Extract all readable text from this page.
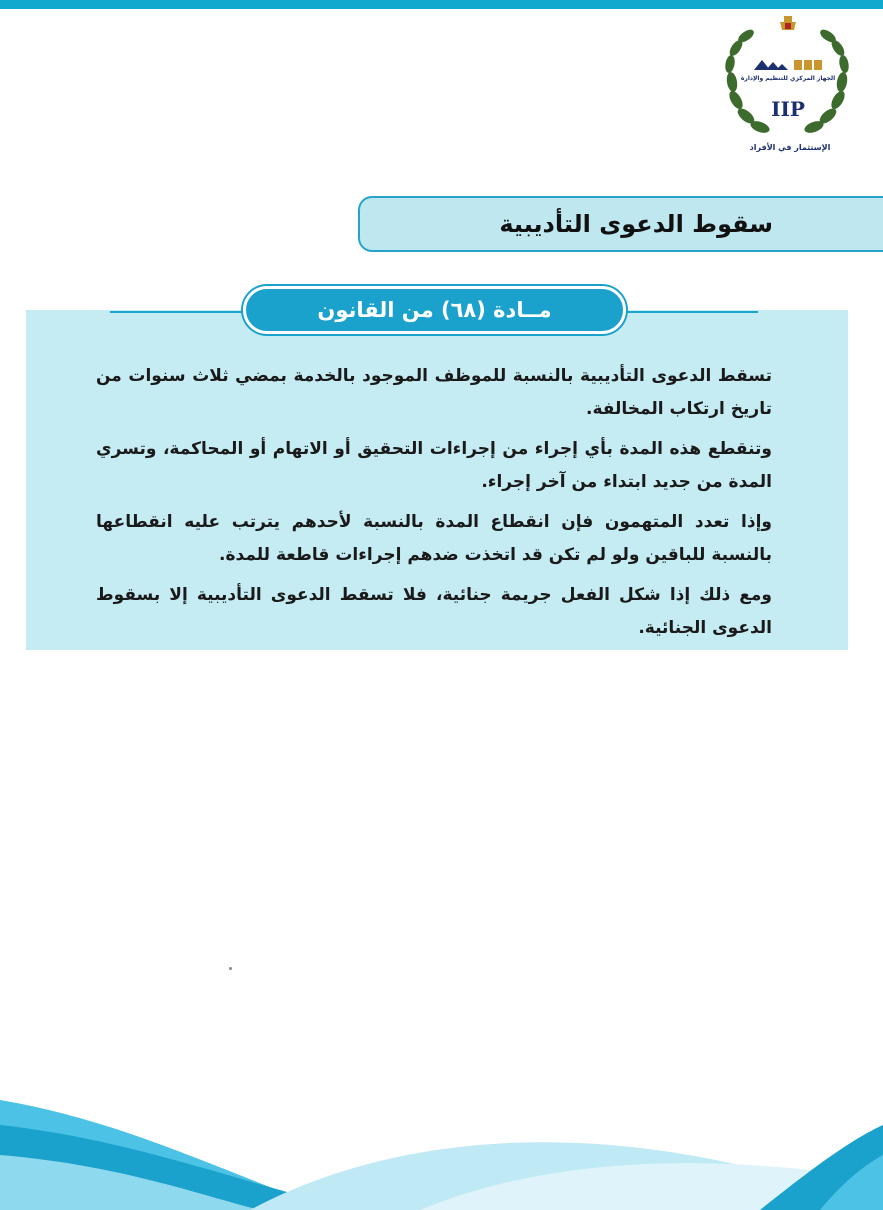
الجهاز المركزي للتنظيم والإدارة
IIP
الإستثمار في الأفراد
سقوط الدعوى التأديبية
مــادة (٦٨) من القانون

تسقط الدعوى التأديبية بالنسبة للموظف الموجود بالخدمة بمضي ثلاث سنوات من تاريخ ارتكاب المخالفة.

وتنقطع هذه المدة بأي إجراء من إجراءات التحقيق أو الاتهام أو المحاكمة، وتسري المدة من جديد ابتداء من آخر إجراء.

وإذا تعدد المتهمون فإن انقطاع المدة بالنسبة لأحدهم يترتب عليه انقطاعها بالنسبة للباقين ولو لم تكن قد اتخذت ضدهم إجراءات قاطعة للمدة.

ومع ذلك إذا شكل الفعل جريمة جنائية، فلا تسقط الدعوى التأديبية إلا بسقوط الدعوى الجنائية.
